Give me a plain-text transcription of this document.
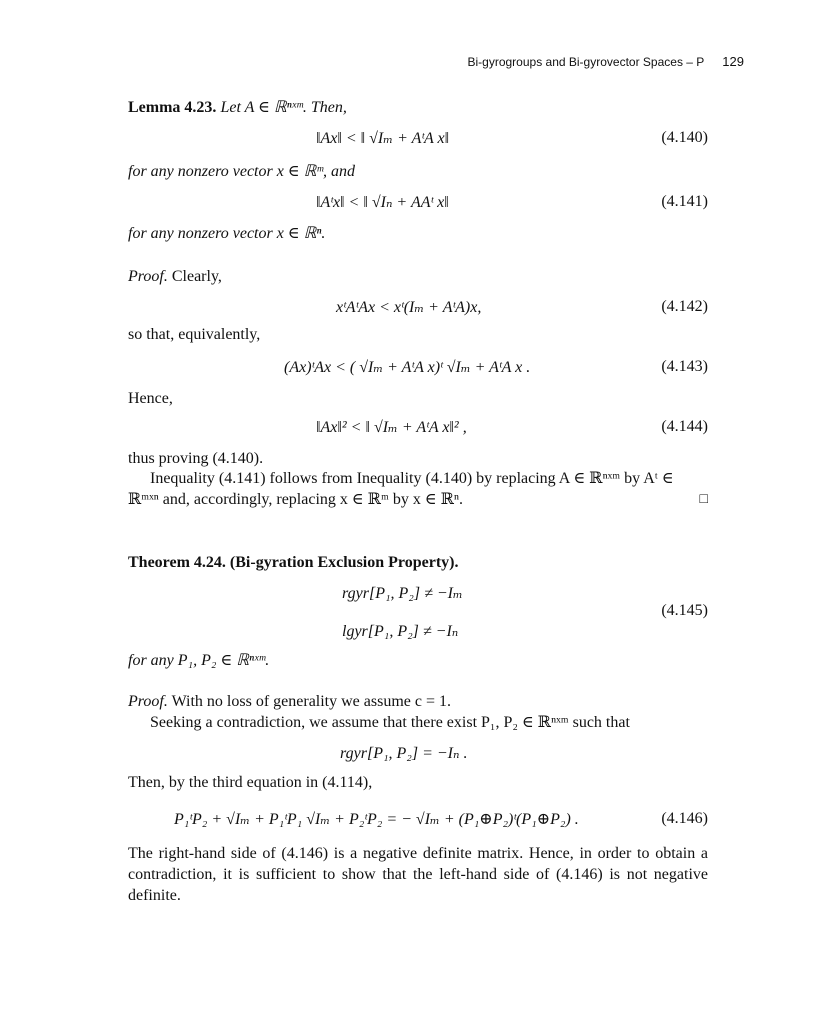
Bi-gyrogroups and Bi-gyrovector Spaces – P 129
Lemma 4.23. Let A ∈ ℝⁿˣᵐ. Then,
‖Ax‖ < ‖ √Iₘ + AᵗA x‖	(4.140)
for any nonzero vector x ∈ ℝᵐ, and
‖Aᵗx‖ < ‖ √Iₙ + AAᵗ x‖	(4.141)
for any nonzero vector x ∈ ℝⁿ.
Proof. Clearly,
xᵗAᵗAx < xᵗ(Iₘ + AᵗA)x,	(4.142)
so that, equivalently,
(Ax)ᵗAx < ( √Iₘ + AᵗA x)ᵗ √Iₘ + AᵗA x .	(4.143)
Hence,
‖Ax‖² < ‖ √Iₘ + AᵗA x‖² ,	(4.144)
thus proving (4.140).
Inequality (4.141) follows from Inequality (4.140) by replacing A ∈ ℝⁿˣᵐ by Aᵗ ∈
ℝᵐˣⁿ and, accordingly, replacing x ∈ ℝᵐ by x ∈ ℝⁿ.	□
Theorem 4.24. (Bi-gyration Exclusion Property).
rgyr[P₁, P₂] ≠ −Iₘ
(4.145)
lgyr[P₁, P₂] ≠ −Iₙ
for any P₁, P₂ ∈ ℝⁿˣᵐ.
Proof. With no loss of generality we assume c = 1.
Seeking a contradiction, we assume that there exist P₁, P₂ ∈ ℝⁿˣᵐ such that
rgyr[P₁, P₂] = −Iₙ .
Then, by the third equation in (4.114),
P₁ᵗP₂ + √Iₘ + P₁ᵗP₁ √Iₘ + P₂ᵗP₂ = − √Iₘ + (P₁⊕P₂)ᵗ(P₁⊕P₂) .	(4.146)
The right-hand side of (4.146) is a negative definite matrix. Hence, in order to obtain a contradiction, it is sufficient to show that the left-hand side of (4.146) is not negative definite.
